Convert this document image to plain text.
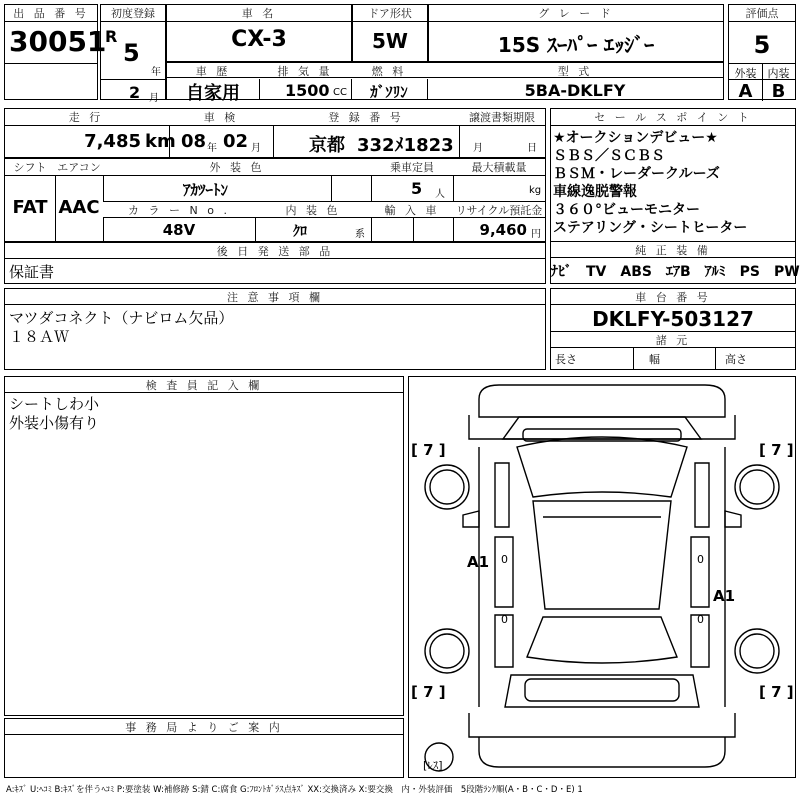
出 品 番 号
30051
初度登録
R
5
年
2 月
車 名
CX-3
ドア形状
5W
グ レ ー ド
15S ｽｰﾊﾟｰ ｴｯｼﾞｰ
評価点
5
外装	内装
A	B
車 歴	排 気 量	燃 料	型 式
自家用	1500 CC	ｶﾞｿﾘﾝ	5BA-DKLFY
走 行	車 検	登 録 番 号	譲渡書類期限
7,485 km 08 年 02 月	京都 332ﾒ1823 月	日
セ ー ル ス ポ イ ン ト
★オークションデビュー★
ＳＢＳ／ＳＣＢＳ
ＢＳＭ・レーダークルーズ
車線逸脱警報
３６０°ビューモニター
ステアリング・シートヒーター
純 正 装 備
ﾅﾋﾞ　TV　ABS　ｴｱB　ｱﾙﾐ　PS　PW
シフト エアコン	外 装 色	乗車定員	最大積載量
FAT AAC
ｱｶﾂｰﾄﾝ	5 人	kg
カ ラ ー N o .	内 装 色	輸 入 車	リサイクル預託金
48V	ｸﾛ	系	9,460 円
後 日 発 送 部 品
保証書
注 意 事 項 欄
マツダコネクト（ナビロム欠品）
１８ＡＷ
車 台 番 号
DKLFY-503127
諸 元
長さ	幅	高さ
検 査 員 記 入 欄
シートしわ小
外装小傷有り
事 務 局 よ り ご 案 内
[ 7 ]	[ 7 ]
[ 7 ]	[ 7 ]
A1
A1
0	0
0	0
[ﾚｽ]
A:ｷｽﾞ U:ﾍｺﾐ B:ｷｽﾞを伴うﾍｺﾐ P:要塗装 W:補修跡 S:錆 C:腐食 G:ﾌﾛﾝﾄｶﾞﾗｽ点ｷｽﾞ XX:交換済み X:要交換　内・外装評価　5段階ﾗﾝｸ順(A・B・C・D・E) 1
